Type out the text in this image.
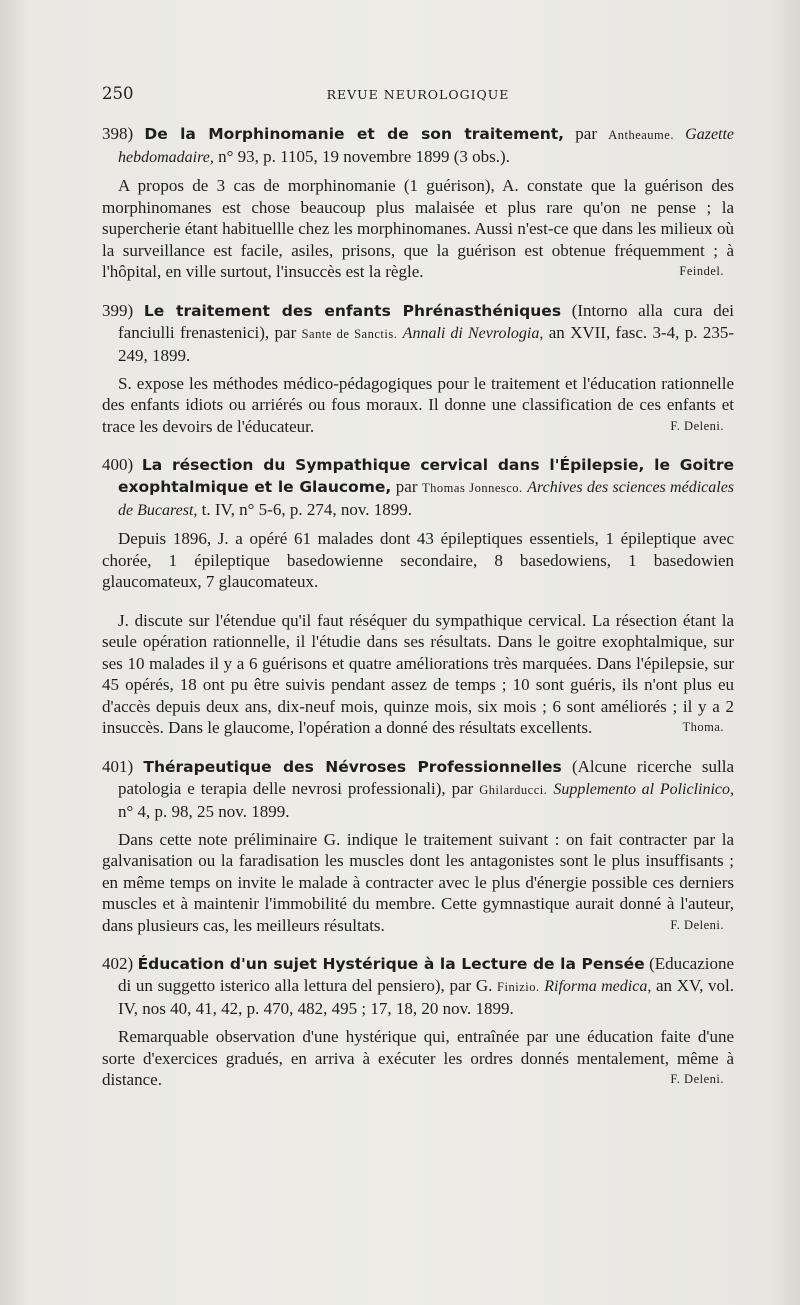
250	REVUE NEUROLOGIQUE
398) De la Morphinomanie et de son traitement, par Antheaume. Gazette hebdomadaire, n° 93, p. 1105, 19 novembre 1899 (3 obs.).

A propos de 3 cas de morphinomanie (1 guérison), A. constate que la guérison des morphinomanes est chose beaucoup plus malaisée et plus rare qu'on ne pense ; la supercherie étant habituellle chez les morphinomanes. Aussi n'est-ce que dans les milieux où la surveillance est facile, asiles, prisons, que la guérison est obtenue fréquemment ; à l'hôpital, en ville surtout, l'insuccès est la règle.	Feindel.

399) Le traitement des enfants Phrénasthéniques (Intorno alla cura dei fanciulli frenastenici), par Sante de Sanctis. Annali di Nevrologia, an XVII, fasc. 3-4, p. 235-249, 1899.

S. expose les méthodes médico-pédagogiques pour le traitement et l'éducation rationnelle des enfants idiots ou arriérés ou fous moraux. Il donne une classification de ces enfants et trace les devoirs de l'éducateur.	F. Deleni.

400) La résection du Sympathique cervical dans l'Épilepsie, le Goitre exophtalmique et le Glaucome, par Thomas Jonnesco. Archives des sciences médicales de Bucarest, t. IV, n° 5-6, p. 274, nov. 1899.

Depuis 1896, J. a opéré 61 malades dont 43 épileptiques essentiels, 1 épileptique avec chorée, 1 épileptique basedowienne secondaire, 8 basedowiens, 1 basedowien glaucomateux, 7 glaucomateux.

J. discute sur l'étendue qu'il faut réséquer du sympathique cervical. La résection étant la seule opération rationnelle, il l'étudie dans ses résultats. Dans le goitre exophtalmique, sur ses 10 malades il y a 6 guérisons et quatre améliorations très marquées. Dans l'épilepsie, sur 45 opérés, 18 ont pu être suivis pendant assez de temps ; 10 sont guéris, ils n'ont plus eu d'accès depuis deux ans, dix-neuf mois, quinze mois, six mois ; 6 sont améliorés ; il y a 2 insuccès. Dans le glaucome, l'opération a donné des résultats excellents.	Thoma.

401) Thérapeutique des Névroses Professionnelles (Alcune ricerche sulla patologia e terapia delle nevrosi professionali), par Ghilarducci. Supplemento al Policlinico, n° 4, p. 98, 25 nov. 1899.

Dans cette note préliminaire G. indique le traitement suivant : on fait contracter par la galvanisation ou la faradisation les muscles dont les antagonistes sont le plus insuffisants ; en même temps on invite le malade à contracter avec le plus d'énergie possible ces derniers muscles et à maintenir l'immobilité du membre. Cette gymnastique aurait donné à l'auteur, dans plusieurs cas, les meilleurs résultats.	F. Deleni.

402) Éducation d'un sujet Hystérique à la Lecture de la Pensée (Educazione di un suggetto isterico alla lettura del pensiero), par G. Finizio. Riforma medica, an XV, vol. IV, nos 40, 41, 42, p. 470, 482, 495 ; 17, 18, 20 nov. 1899.

Remarquable observation d'une hystérique qui, entraînée par une éducation faite d'une sorte d'exercices gradués, en arriva à exécuter les ordres donnés mentalement, même à distance.	F. Deleni.
